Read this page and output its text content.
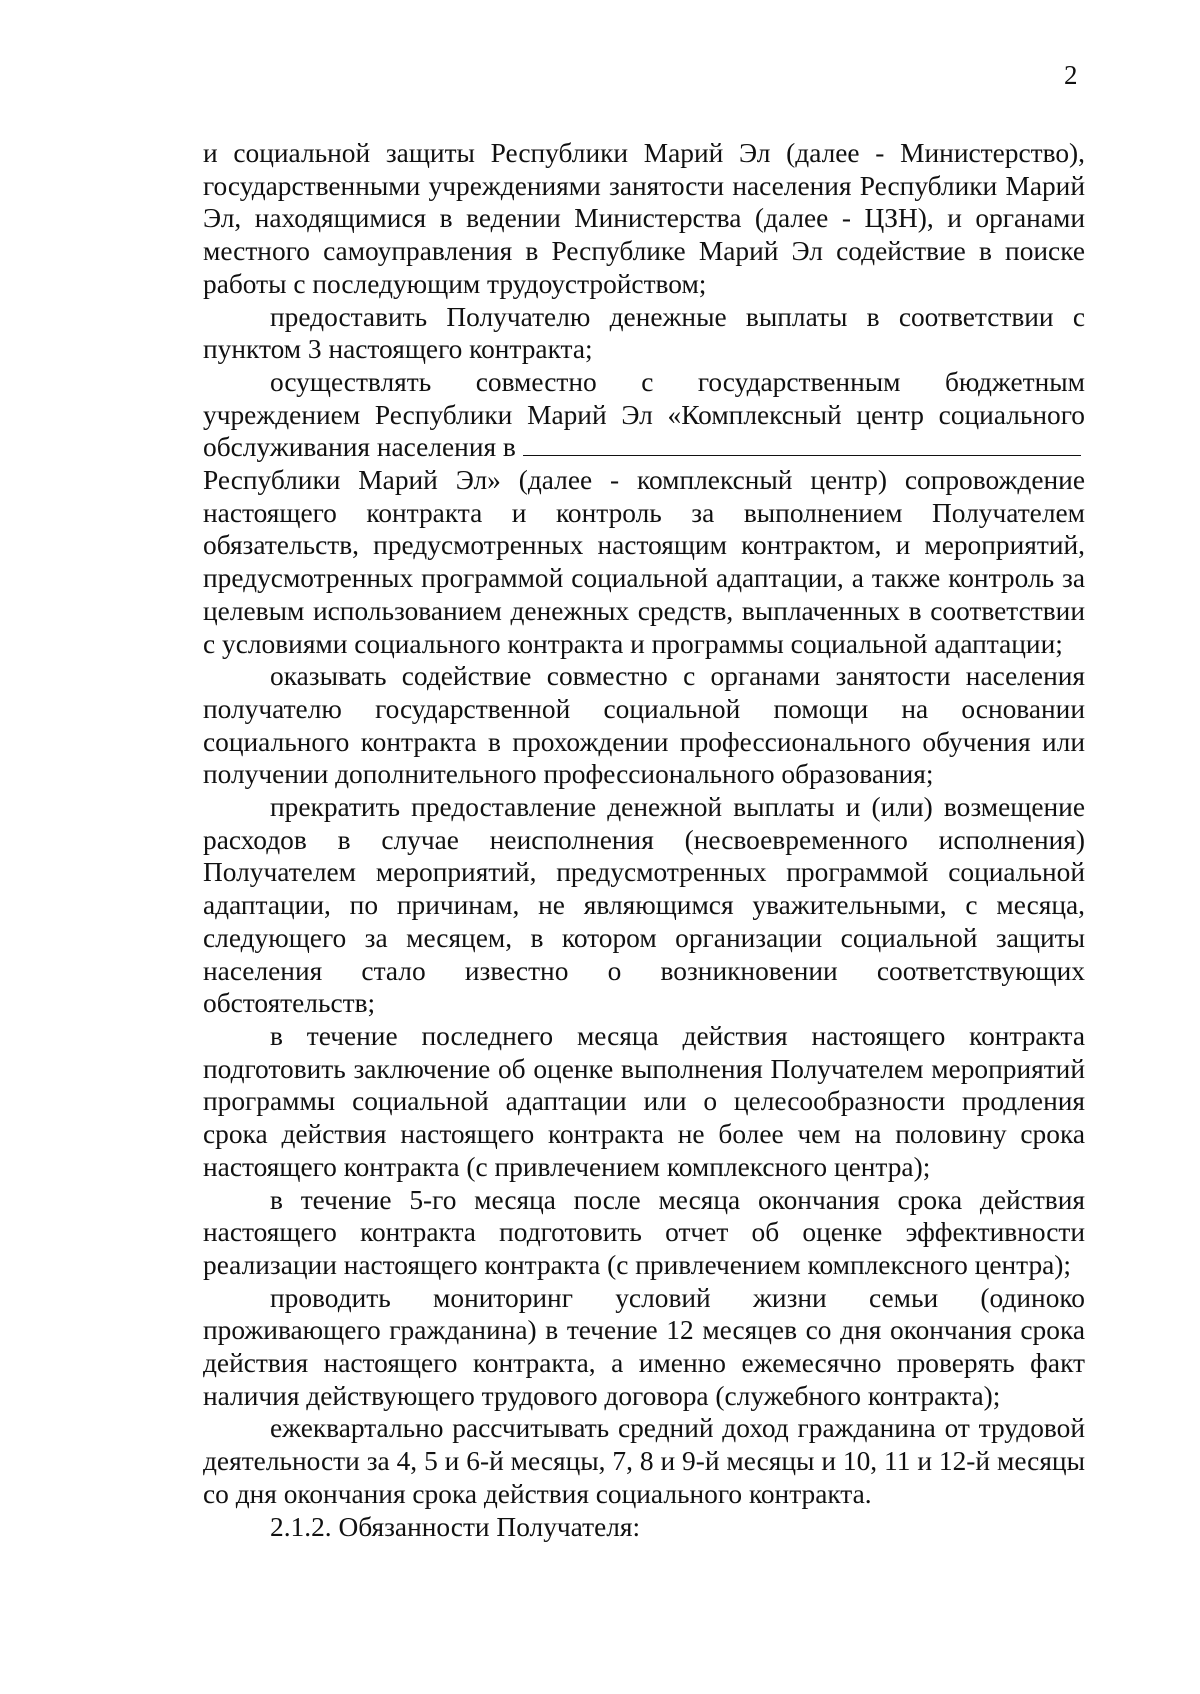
2

и социальной защиты Республики Марий Эл (далее - Министерство), государственными учреждениями занятости населения Республики Марий Эл, находящимися в ведении Министерства (далее - ЦЗН), и органами местного самоуправления в Республике Марий Эл содействие в поиске работы с последующим трудоустройством;

предоставить Получателю денежные выплаты в соответствии с пунктом 3 настоящего контракта;

осуществлять совместно с государственным бюджетным учреждением Республики Марий Эл «Комплексный центр социального обслуживания населения в

Республики Марий Эл» (далее - комплексный центр) сопровождение настоящего контракта и контроль за выполнением Получателем обязательств, предусмотренных настоящим контрактом, и мероприятий, предусмотренных программой социальной адаптации, а также контроль за целевым использованием денежных средств, выплаченных в соответствии с условиями социального контракта и программы социальной адаптации;

оказывать содействие совместно с органами занятости населения получателю государственной социальной помощи на основании социального контракта в прохождении профессионального обучения или получении дополнительного профессионального образования;

прекратить предоставление денежной выплаты и (или) возмещение расходов в случае неисполнения (несвоевременного исполнения) Получателем мероприятий, предусмотренных программой социальной адаптации, по причинам, не являющимся уважительными, с месяца, следующего за месяцем, в котором организации социальной защиты населения стало известно о возникновении соответствующих обстоятельств;

в течение последнего месяца действия настоящего контракта подготовить заключение об оценке выполнения Получателем мероприятий программы социальной адаптации или о целесообразности продления срока действия настоящего контракта не более чем на половину срока настоящего контракта (с привлечением комплексного центра);

в течение 5-го месяца после месяца окончания срока действия настоящего контракта подготовить отчет об оценке эффективности реализации настоящего контракта (с привлечением комплексного центра);

проводить мониторинг условий жизни семьи (одиноко проживающего гражданина) в течение 12 месяцев со дня окончания срока действия настоящего контракта, а именно ежемесячно проверять факт наличия действующего трудового договора (служебного контракта);

ежеквартально рассчитывать средний доход гражданина от трудовой деятельности за 4, 5 и 6-й месяцы, 7, 8 и 9-й месяцы и 10, 11 и 12-й месяцы со дня окончания срока действия социального контракта.

2.1.2. Обязанности Получателя:
